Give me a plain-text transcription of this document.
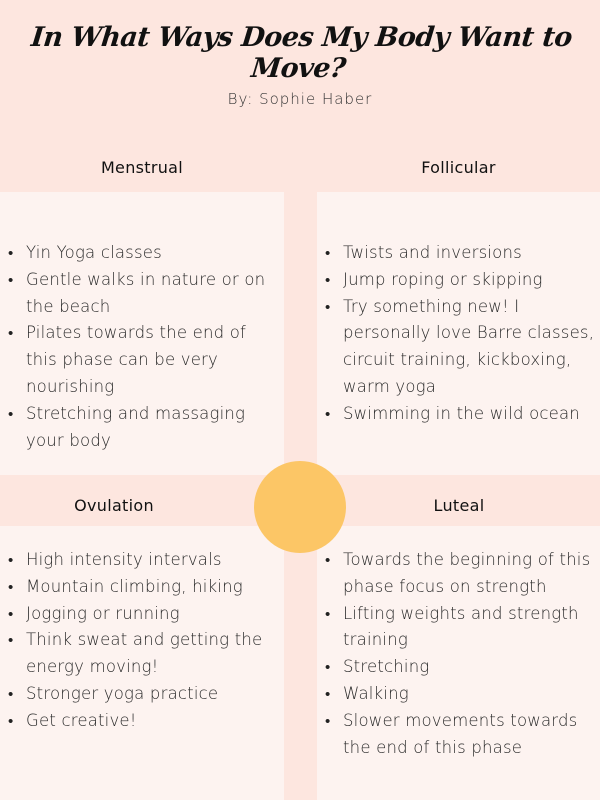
In What Ways Does My Body Want to Move?
By: Sophie Haber
Menstrual
• Yin Yoga classes
• Gentle walks in nature or on the beach
• Pilates towards the end of this phase can be very nourishing
• Stretching and massaging your body
Follicular
• Twists and inversions
• Jump roping or skipping
• Try something new! I personally love Barre classes, circuit training, kickboxing, warm yoga
• Swimming in the wild ocean
Ovulation
• High intensity intervals
• Mountain climbing, hiking
• Jogging or running
• Think sweat and getting the energy moving!
• Stronger yoga practice
• Get creative!
Luteal
• Towards the beginning of this phase focus on strength
• Lifting weights and strength training
• Stretching
• Walking
• Slower movements towards the end of this phase
